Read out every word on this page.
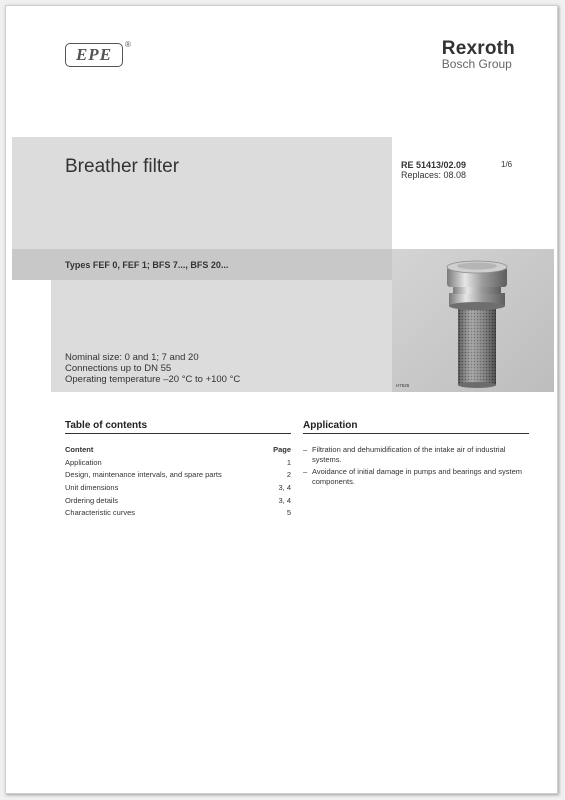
EPE
®	Rexroth
Bosch Group
Breather filter
Types FEF 0, FEF 1; BFS 7..., BFS 20...
Nominal size: 0 and 1; 7 and 20
Connections up to DN 55
Operating temperature –20 °C to +100 °C
RE 51413/02.09
Replaces: 08.08
1/6
H7626
Table of contents	Application
Content	Page
Application	1
Design, maintenance intervals, and spare parts	2
Unit dimensions	3, 4
Ordering details	3, 4
Characteristic curves	5
– Filtration and dehumidification of the intake air of industrial systems.
– Avoidance of initial damage in pumps and bearings and system components.
